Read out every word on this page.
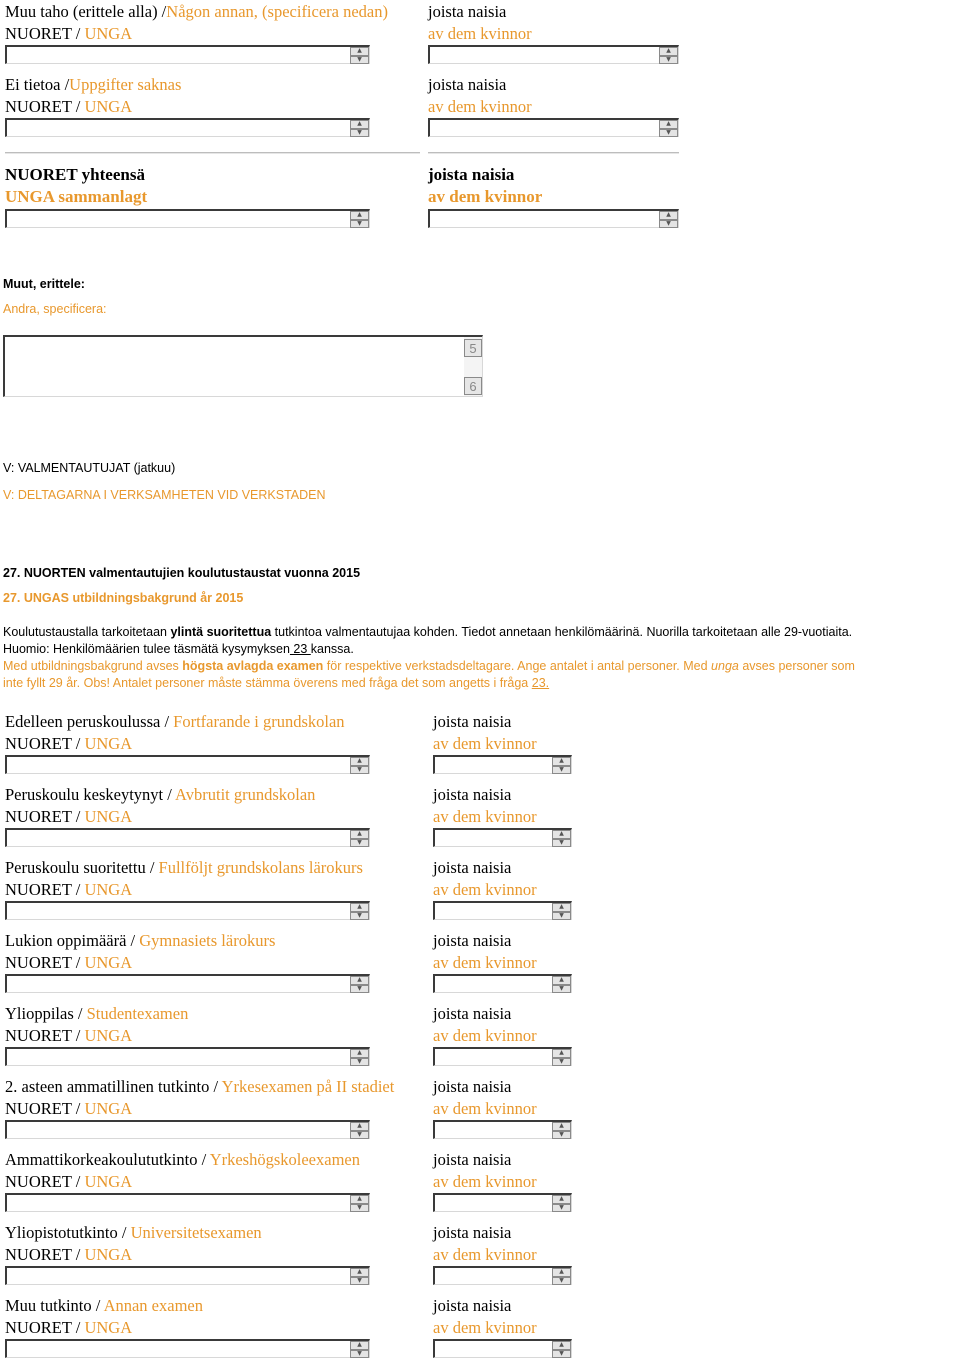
Muu taho (erittele alla) /Någon annan, (specificera nedan)
NUORET / UNGA
joista naisia
av dem kvinnor
▲
▼
▲
▼
Ei tietoa /Uppgifter saknas
NUORET / UNGA
joista naisia
av dem kvinnor
▲
▼
▲
▼
NUORET yhteensä
UNGA sammanlagt
joista naisia
av dem kvinnor
▲
▼
▲
▼
Muut, erittele:
Andra, specificera:
5
6
V: VALMENTAUTUJAT (jatkuu)
V: DELTAGARNA I VERKSAMHETEN VID VERKSTADEN
27. NUORTEN valmentautujien koulutustaustat vuonna 2015
27. UNGAS utbildningsbakgrund år 2015
Koulutustaustalla tarkoitetaan ylintä suoritettua tutkintoa valmentautujaa kohden. Tiedot annetaan henkilömäärinä. Nuorilla tarkoitetaan alle 29-vuotiaita.
Huomio: Henkilömäärien tulee täsmätä kysymyksen 23 kanssa.
Med utbildningsbakgrund avses högsta avlagda examen för respektive verkstadsdeltagare. Ange antalet i antal personer. Med unga avses personer som
inte fyllt 29 år. Obs! Antalet personer måste stämma överens med fråga det som angetts i fråga 23.
Edelleen peruskoulussa / Fortfarande i grundskolan
NUORET / UNGA
joista naisia
av dem kvinnor
▲
▼
▲
▼
Peruskoulu keskeytynyt / Avbrutit grundskolan
NUORET / UNGA
joista naisia
av dem kvinnor
▲
▼
▲
▼
Peruskoulu suoritettu / Fullföljt grundskolans lärokurs
NUORET / UNGA
joista naisia
av dem kvinnor
▲
▼
▲
▼
Lukion oppimäärä / Gymnasiets lärokurs
NUORET / UNGA
joista naisia
av dem kvinnor
▲
▼
▲
▼
Ylioppilas / Studentexamen
NUORET / UNGA
joista naisia
av dem kvinnor
▲
▼
▲
▼
2. asteen ammatillinen tutkinto / Yrkesexamen på II stadiet
NUORET / UNGA
joista naisia
av dem kvinnor
▲
▼
▲
▼
Ammattikorkeakoulututkinto / Yrkeshögskoleexamen
NUORET / UNGA
joista naisia
av dem kvinnor
▲
▼
▲
▼
Yliopistotutkinto / Universitetsexamen
NUORET / UNGA
joista naisia
av dem kvinnor
▲
▼
▲
▼
Muu tutkinto / Annan examen
NUORET / UNGA
joista naisia
av dem kvinnor
▲
▼
▲
▼
